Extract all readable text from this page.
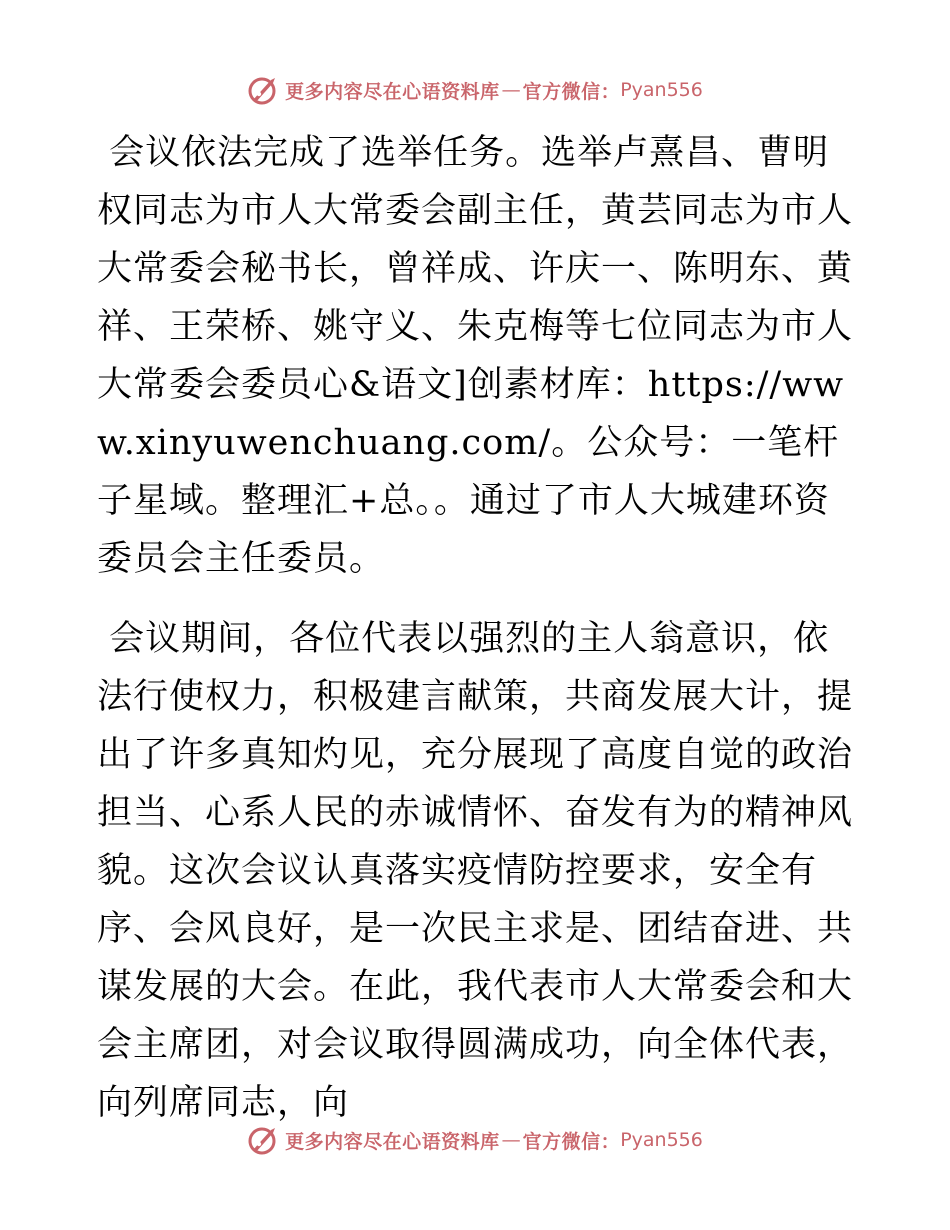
更多内容尽在心语资料库 — 官方微信： Pyan556

会议依法完成了选举任务。选举卢熹昌、曹明权同志为市人大常委会副主任，黄芸同志为市人大常委会秘书长，曾祥成、许庆一、陈明东、黄祥、王荣桥、姚守义、朱克梅等七位同志为市人大常委会委员心&语文]创素材库：https://www.xinyuwenchuang.com/。公众号：一笔杆子星域。整理汇+总。。通过了市人大城建环资委员会主任委员。

会议期间，各位代表以强烈的主人翁意识，依法行使权力，积极建言献策，共商发展大计，提出了许多真知灼见，充分展现了高度自觉的政治担当、心系人民的赤诚情怀、奋发有为的精神风貌。这次会议认真落实疫情防控要求，安全有序、会风良好，是一次民主求是、团结奋进、共谋发展的大会。在此，我代表市人大常委会和大会主席团，对会议取得圆满成功，向全体代表，向列席同志，向

更多内容尽在心语资料库 — 官方微信： Pyan556
